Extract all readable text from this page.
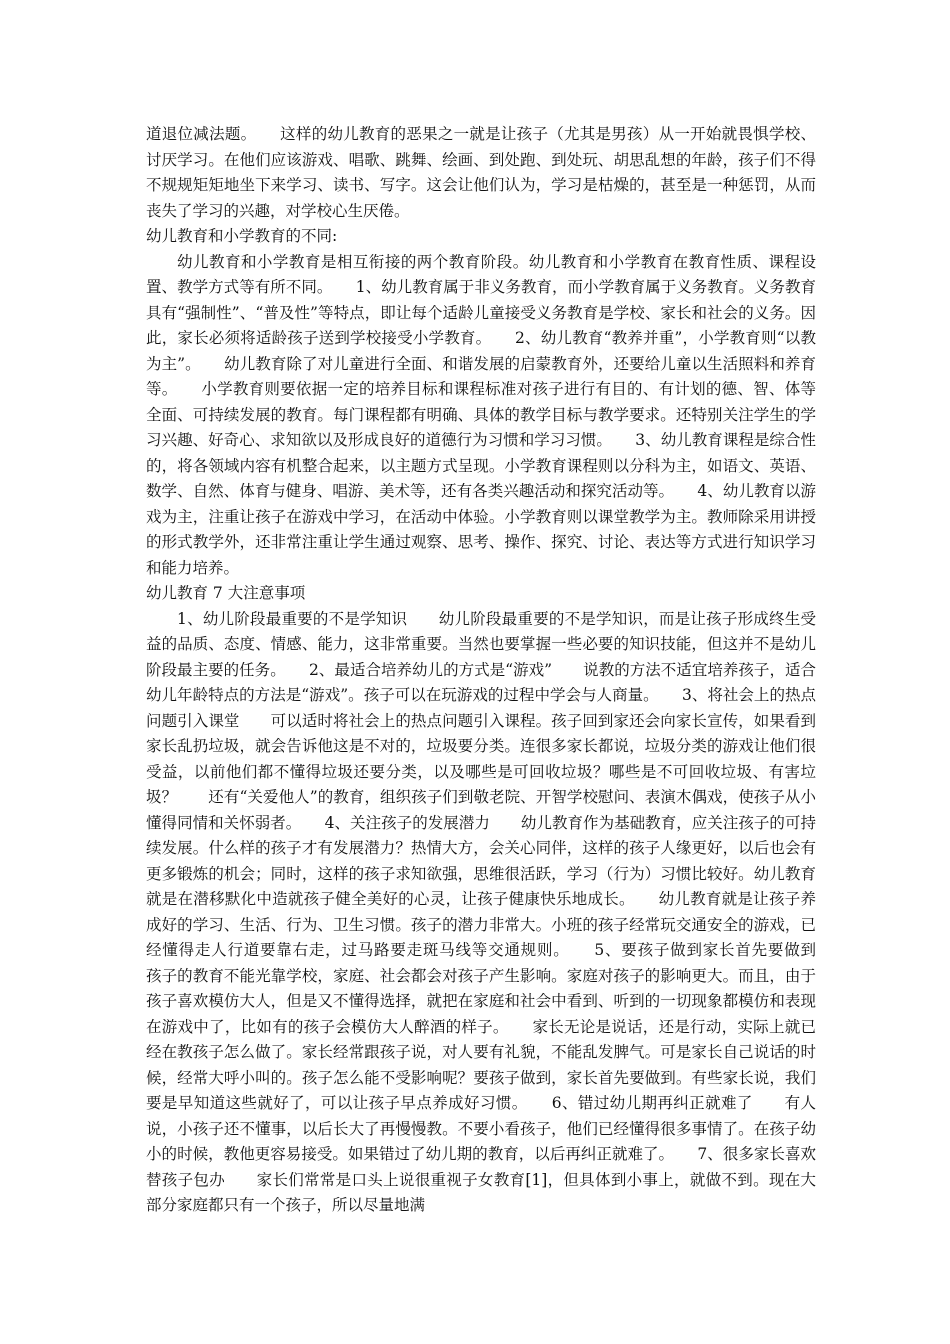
道退位减法题。　　这样的幼儿教育的恶果之一就是让孩子（尤其是男孩）从一开始就畏惧学校、讨厌学习。在他们应该游戏、唱歌、跳舞、绘画、到处跑、到处玩、胡思乱想的年龄，孩子们不得不规规矩矩地坐下来学习、读书、写字。这会让他们认为，学习是枯燥的，甚至是一种惩罚，从而丧失了学习的兴趣，对学校心生厌倦。

幼儿教育和小学教育的不同:

幼儿教育和小学教育是相互衔接的两个教育阶段。幼儿教育和小学教育在教育性质、课程设置、教学方式等有所不同。　　1、幼儿教育属于非义务教育，而小学教育属于义务教育。义务教育具有“强制性”、“普及性”等特点，即让每个适龄儿童接受义务教育是学校、家长和社会的义务。因此，家长必须将适龄孩子送到学校接受小学教育。　　2、幼儿教育“教养并重”，小学教育则“以教为主”。　　幼儿教育除了对儿童进行全面、和谐发展的启蒙教育外，还要给儿童以生活照料和养育等。　　小学教育则要依据一定的培养目标和课程标准对孩子进行有目的、有计划的德、智、体等全面、可持续发展的教育。每门课程都有明确、具体的教学目标与教学要求。还特别关注学生的学习兴趣、好奇心、求知欲以及形成良好的道德行为习惯和学习习惯。　　3、幼儿教育课程是综合性的，将各领域内容有机整合起来，以主题方式呈现。小学教育课程则以分科为主，如语文、英语、数学、自然、体育与健身、唱游、美术等，还有各类兴趣活动和探究活动等。　　4、幼儿教育以游戏为主，注重让孩子在游戏中学习，在活动中体验。小学教育则以课堂教学为主。教师除采用讲授的形式教学外，还非常注重让学生通过观察、思考、操作、探究、讨论、表达等方式进行知识学习和能力培养。

幼儿教育 7 大注意事项

1、幼儿阶段最重要的不是学知识　　幼儿阶段最重要的不是学知识，而是让孩子形成终生受益的品质、态度、情感、能力，这非常重要。当然也要掌握一些必要的知识技能，但这并不是幼儿阶段最主要的任务。　　2、最适合培养幼儿的方式是“游戏”　　说教的方法不适宜培养孩子，适合幼儿年龄特点的方法是“游戏”。孩子可以在玩游戏的过程中学会与人商量。　　3、将社会上的热点问题引入课堂　　可以适时将社会上的热点问题引入课程。孩子回到家还会向家长宣传，如果看到家长乱扔垃圾，就会告诉他这是不对的，垃圾要分类。连很多家长都说，垃圾分类的游戏让他们很受益，以前他们都不懂得垃圾还要分类，以及哪些是可回收垃圾？哪些是不可回收垃圾、有害垃圾？　　还有“关爱他人”的教育，组织孩子们到敬老院、开智学校慰问、表演木偶戏，使孩子从小懂得同情和关怀弱者。　　4、关注孩子的发展潜力　　幼儿教育作为基础教育，应关注孩子的可持续发展。什么样的孩子才有发展潜力？热情大方，会关心同伴，这样的孩子人缘更好，以后也会有更多锻炼的机会；同时，这样的孩子求知欲强，思维很活跃，学习（行为）习惯比较好。幼儿教育就是在潜移默化中造就孩子健全美好的心灵，让孩子健康快乐地成长。　　幼儿教育就是让孩子养成好的学习、生活、行为、卫生习惯。孩子的潜力非常大。小班的孩子经常玩交通安全的游戏，已经懂得走人行道要靠右走，过马路要走斑马线等交通规则。　　5、要孩子做到家长首先要做到　　孩子的教育不能光靠学校，家庭、社会都会对孩子产生影响。家庭对孩子的影响更大。而且，由于孩子喜欢模仿大人，但是又不懂得选择，就把在家庭和社会中看到、听到的一切现象都模仿和表现在游戏中了，比如有的孩子会模仿大人醉酒的样子。　　家长无论是说话，还是行动，实际上就已经在教孩子怎么做了。家长经常跟孩子说，对人要有礼貌，不能乱发脾气。可是家长自己说话的时候，经常大呼小叫的。孩子怎么能不受影响呢？要孩子做到，家长首先要做到。有些家长说，我们要是早知道这些就好了，可以让孩子早点养成好习惯。　　6、错过幼儿期再纠正就难了　　有人说，小孩子还不懂事，以后长大了再慢慢教。不要小看孩子，他们已经懂得很多事情了。在孩子幼小的时候，教他更容易接受。如果错过了幼儿期的教育，以后再纠正就难了。　　7、很多家长喜欢替孩子包办　　家长们常常是口头上说很重视子女教育[1]，但具体到小事上，就做不到。现在大部分家庭都只有一个孩子，所以尽量地满
